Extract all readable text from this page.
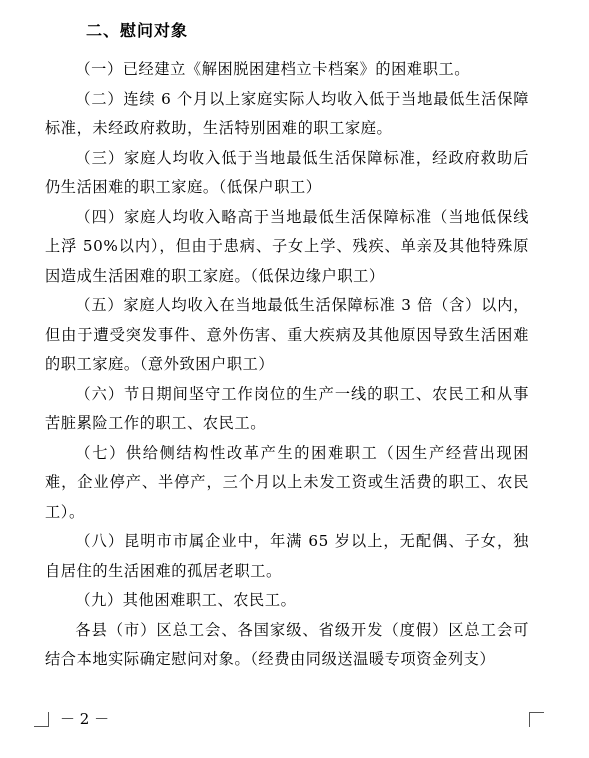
二、慰问对象

（一）已经建立《解困脱困建档立卡档案》的困难职工。

（二）连续 6 个月以上家庭实际人均收入低于当地最低生活保障标准，未经政府救助，生活特别困难的职工家庭。

（三）家庭人均收入低于当地最低生活保障标准，经政府救助后仍生活困难的职工家庭。（低保户职工）

（四）家庭人均收入略高于当地最低生活保障标准（当地低保线上浮 50%以内），但由于患病、子女上学、残疾、单亲及其他特殊原因造成生活困难的职工家庭。（低保边缘户职工）

（五）家庭人均收入在当地最低生活保障标准 3 倍（含）以内，但由于遭受突发事件、意外伤害、重大疾病及其他原因导致生活困难的职工家庭。（意外致困户职工）

（六）节日期间坚守工作岗位的生产一线的职工、农民工和从事苦脏累险工作的职工、农民工。

（七）供给侧结构性改革产生的困难职工（因生产经营出现困难，企业停产、半停产，三个月以上未发工资或生活费的职工、农民工）。

（八）昆明市市属企业中，年满 65 岁以上，无配偶、子女，独自居住的生活困难的孤居老职工。

（九）其他困难职工、农民工。

各县（市）区总工会、各国家级、省级开发（度假）区总工会可结合本地实际确定慰问对象。（经费由同级送温暖专项资金列支）

－ 2 －
